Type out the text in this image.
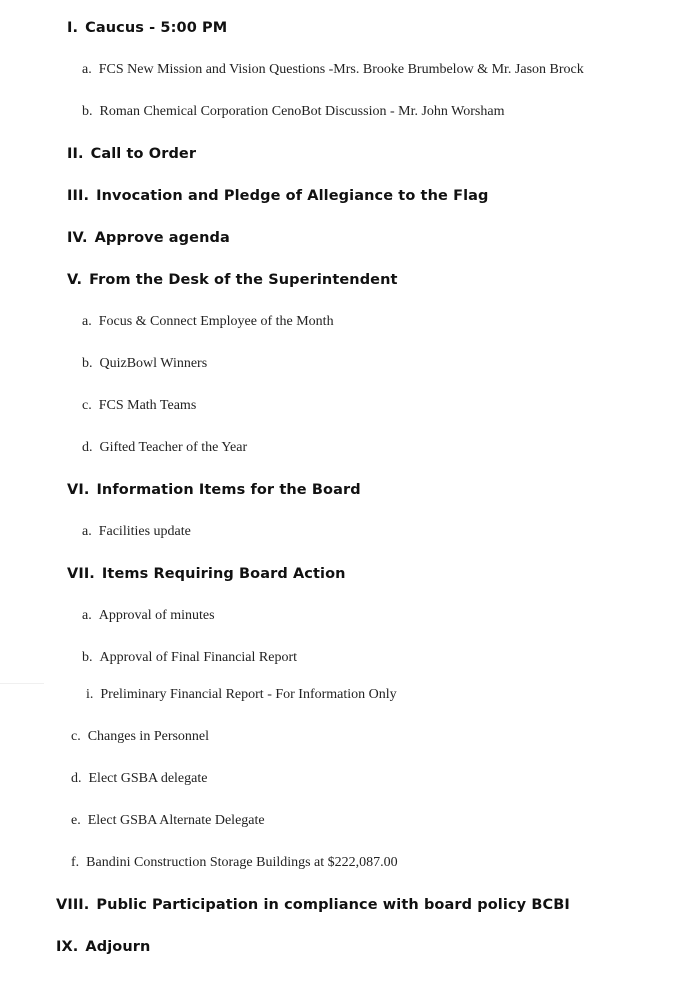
I. Caucus - 5:00 PM
a. FCS New Mission and Vision Questions -Mrs. Brooke Brumbelow & Mr. Jason Brock
b. Roman Chemical Corporation CenoBot Discussion - Mr. John Worsham
II. Call to Order
III. Invocation and Pledge of Allegiance to the Flag
IV. Approve agenda
V. From the Desk of the Superintendent
a. Focus & Connect Employee of the Month
b. QuizBowl Winners
c. FCS Math Teams
d. Gifted Teacher of the Year
VI. Information Items for the Board
a. Facilities update
VII. Items Requiring Board Action
a. Approval of minutes
b. Approval of Final Financial Report
i. Preliminary Financial Report - For Information Only
c. Changes in Personnel
d. Elect GSBA delegate
e. Elect GSBA Alternate Delegate
f. Bandini Construction Storage Buildings at $222,087.00
VIII. Public Participation in compliance with board policy BCBI
IX. Adjourn
